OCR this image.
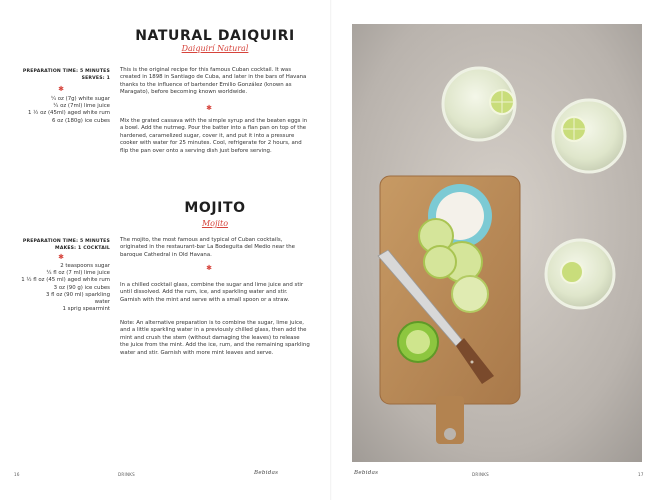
NATURAL DAIQUIRI
Daiquirí Natural
PREPARATION TIME: 5 MINUTES
SERVES: 1
✱
¼ oz (7g) white sugar
¼ oz (7ml) lime juice
1 ½ oz (45ml) aged white rum
6 oz (180g) ice cubes
This is the original recipe for this famous Cuban cocktail. It was created in 1898 in Santiago de Cuba, and later in the bars of Havana thanks to the influence of bartender Emilio González (known as Maragato), before becoming known worldwide.
✱
Mix the grated cassava with the simple syrup and the beaten eggs in a bowl. Add the nutmeg. Pour the batter into a flan pan on top of the hardened, caramelized sugar, cover it, and put it into a pressure cooker with water for 25 minutes. Cool, refrigerate for 2 hours, and flip the pan over onto a serving dish just before serving.
MOJITO
Mojito
PREPARATION TIME: 5 MINUTES
MAKES: 1 COCKTAIL
✱
2 teaspoons sugar
¼ fl oz (7 ml) lime juice
1 ½ fl oz (45 ml) aged white rum
3 oz (90 g) ice cubes
3 fl oz (90 ml) sparkling
water
1 sprig spearmint
The mojito, the most famous and typical of Cuban cocktails, originated in the restaurant-bar La Bodeguita del Medio near the baroque Cathedral in Old Havana.
✱
In a chilled cocktail glass, combine the sugar and lime juice and stir until dissolved. Add the rum, ice, and sparkling water and stir. Garnish with the mint and serve with a small spoon or a straw.
Note: An alternative preparation is to combine the sugar, lime juice, and a little sparkling water in a previously chilled glass, then add the mint and crush the stem (without damaging the leaves) to release the juice from the mint. Add the ice, rum, and the remaining sparkling water and stir. Garnish with more mint leaves and serve.
16	DRINKS	Bebidas	Bebidas	DRINKS	17
